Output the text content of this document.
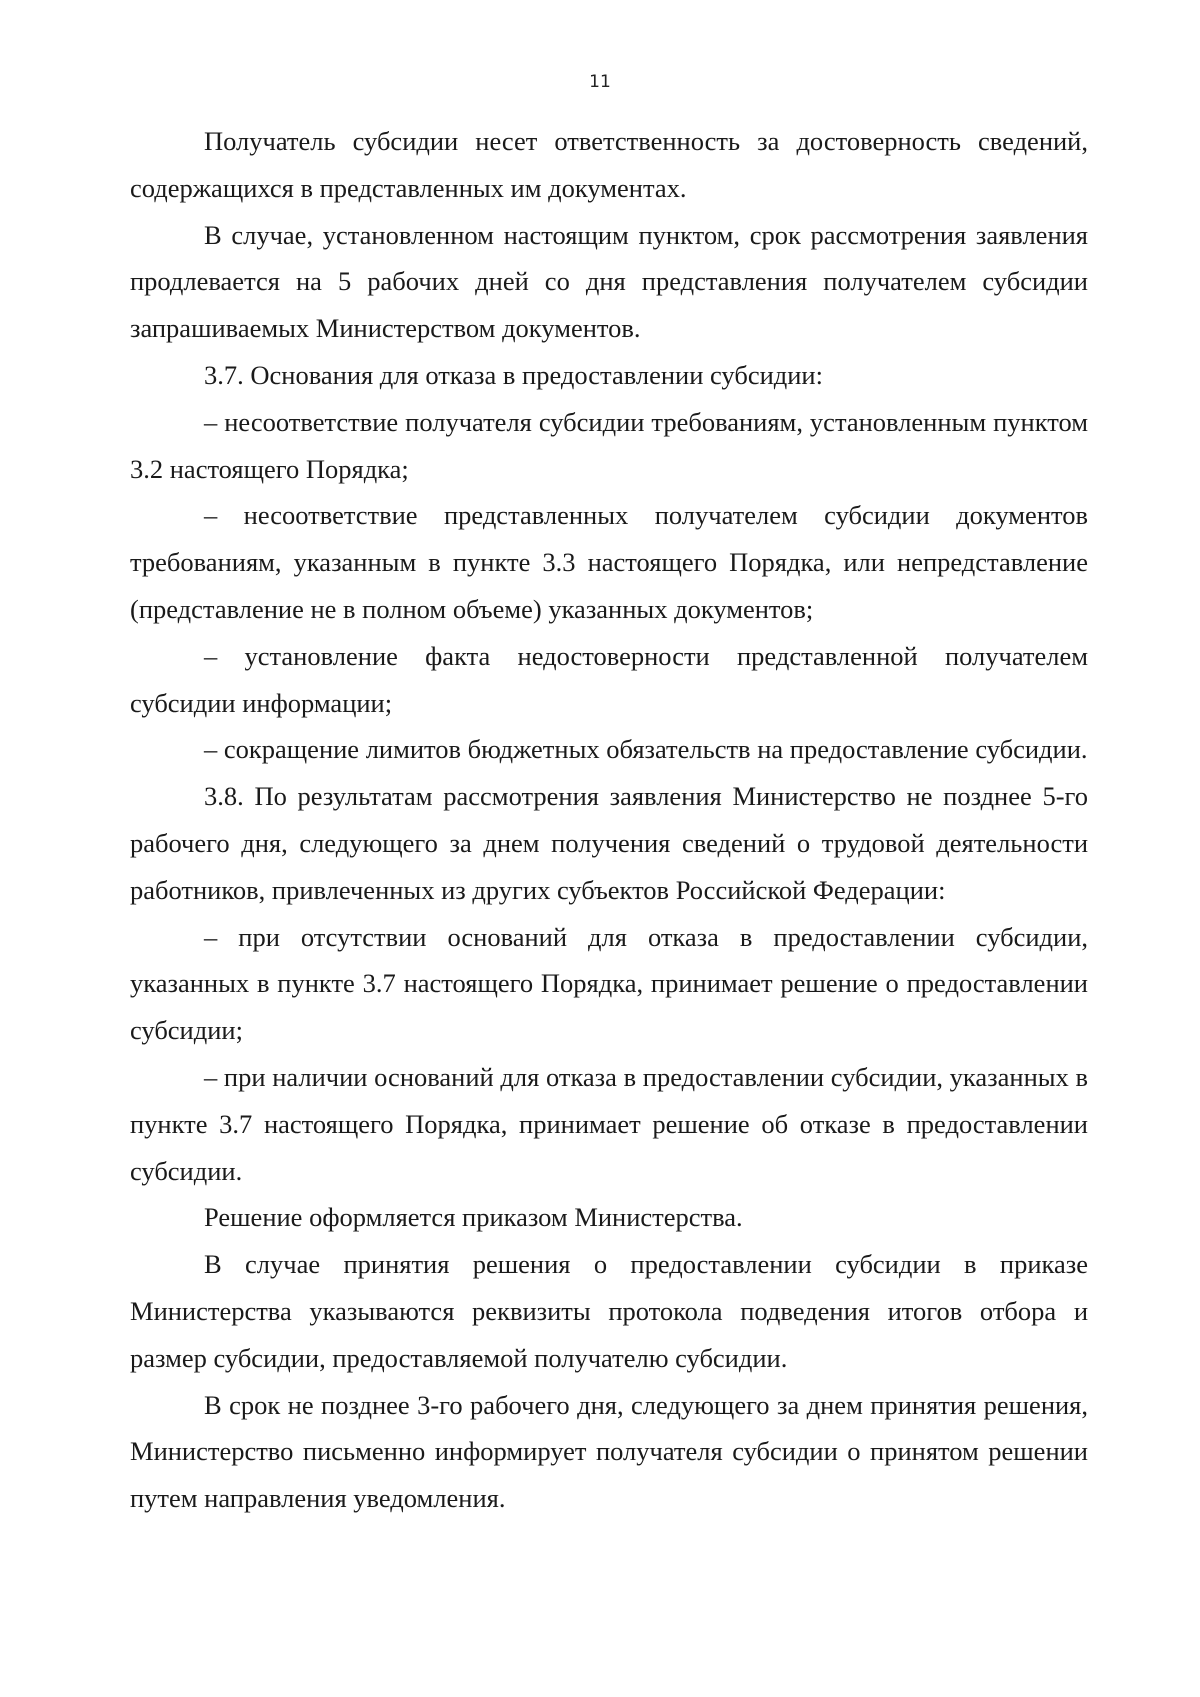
11

Получатель субсидии несет ответственность за достоверность сведений, содержащихся в представленных им документах.

В случае, установленном настоящим пунктом, срок рассмотрения заявления продлевается на 5 рабочих дней со дня представления получателем субсидии запрашиваемых Министерством документов.

3.7. Основания для отказа в предоставлении субсидии:

– несоответствие получателя субсидии требованиям, установленным пунктом 3.2 настоящего Порядка;

– несоответствие представленных получателем субсидии документов требованиям, указанным в пункте 3.3 настоящего Порядка, или непредставление (представление не в полном объеме) указанных документов;

– установление факта недостоверности представленной получателем субсидии информации;

– сокращение лимитов бюджетных обязательств на предоставление субсидии.

3.8. По результатам рассмотрения заявления Министерство не позднее 5-го рабочего дня, следующего за днем получения сведений о трудовой деятельности работников, привлеченных из других субъектов Российской Федерации:

– при отсутствии оснований для отказа в предоставлении субсидии, указанных в пункте 3.7 настоящего Порядка, принимает решение о предоставлении субсидии;

– при наличии оснований для отказа в предоставлении субсидии, указанных в пункте 3.7 настоящего Порядка, принимает решение об отказе в предоставлении субсидии.

Решение оформляется приказом Министерства.

В случае принятия решения о предоставлении субсидии в приказе Министерства указываются реквизиты протокола подведения итогов отбора и размер субсидии, предоставляемой получателю субсидии.

В срок не позднее 3-го рабочего дня, следующего за днем принятия решения, Министерство письменно информирует получателя субсидии о принятом решении путем направления уведомления.
